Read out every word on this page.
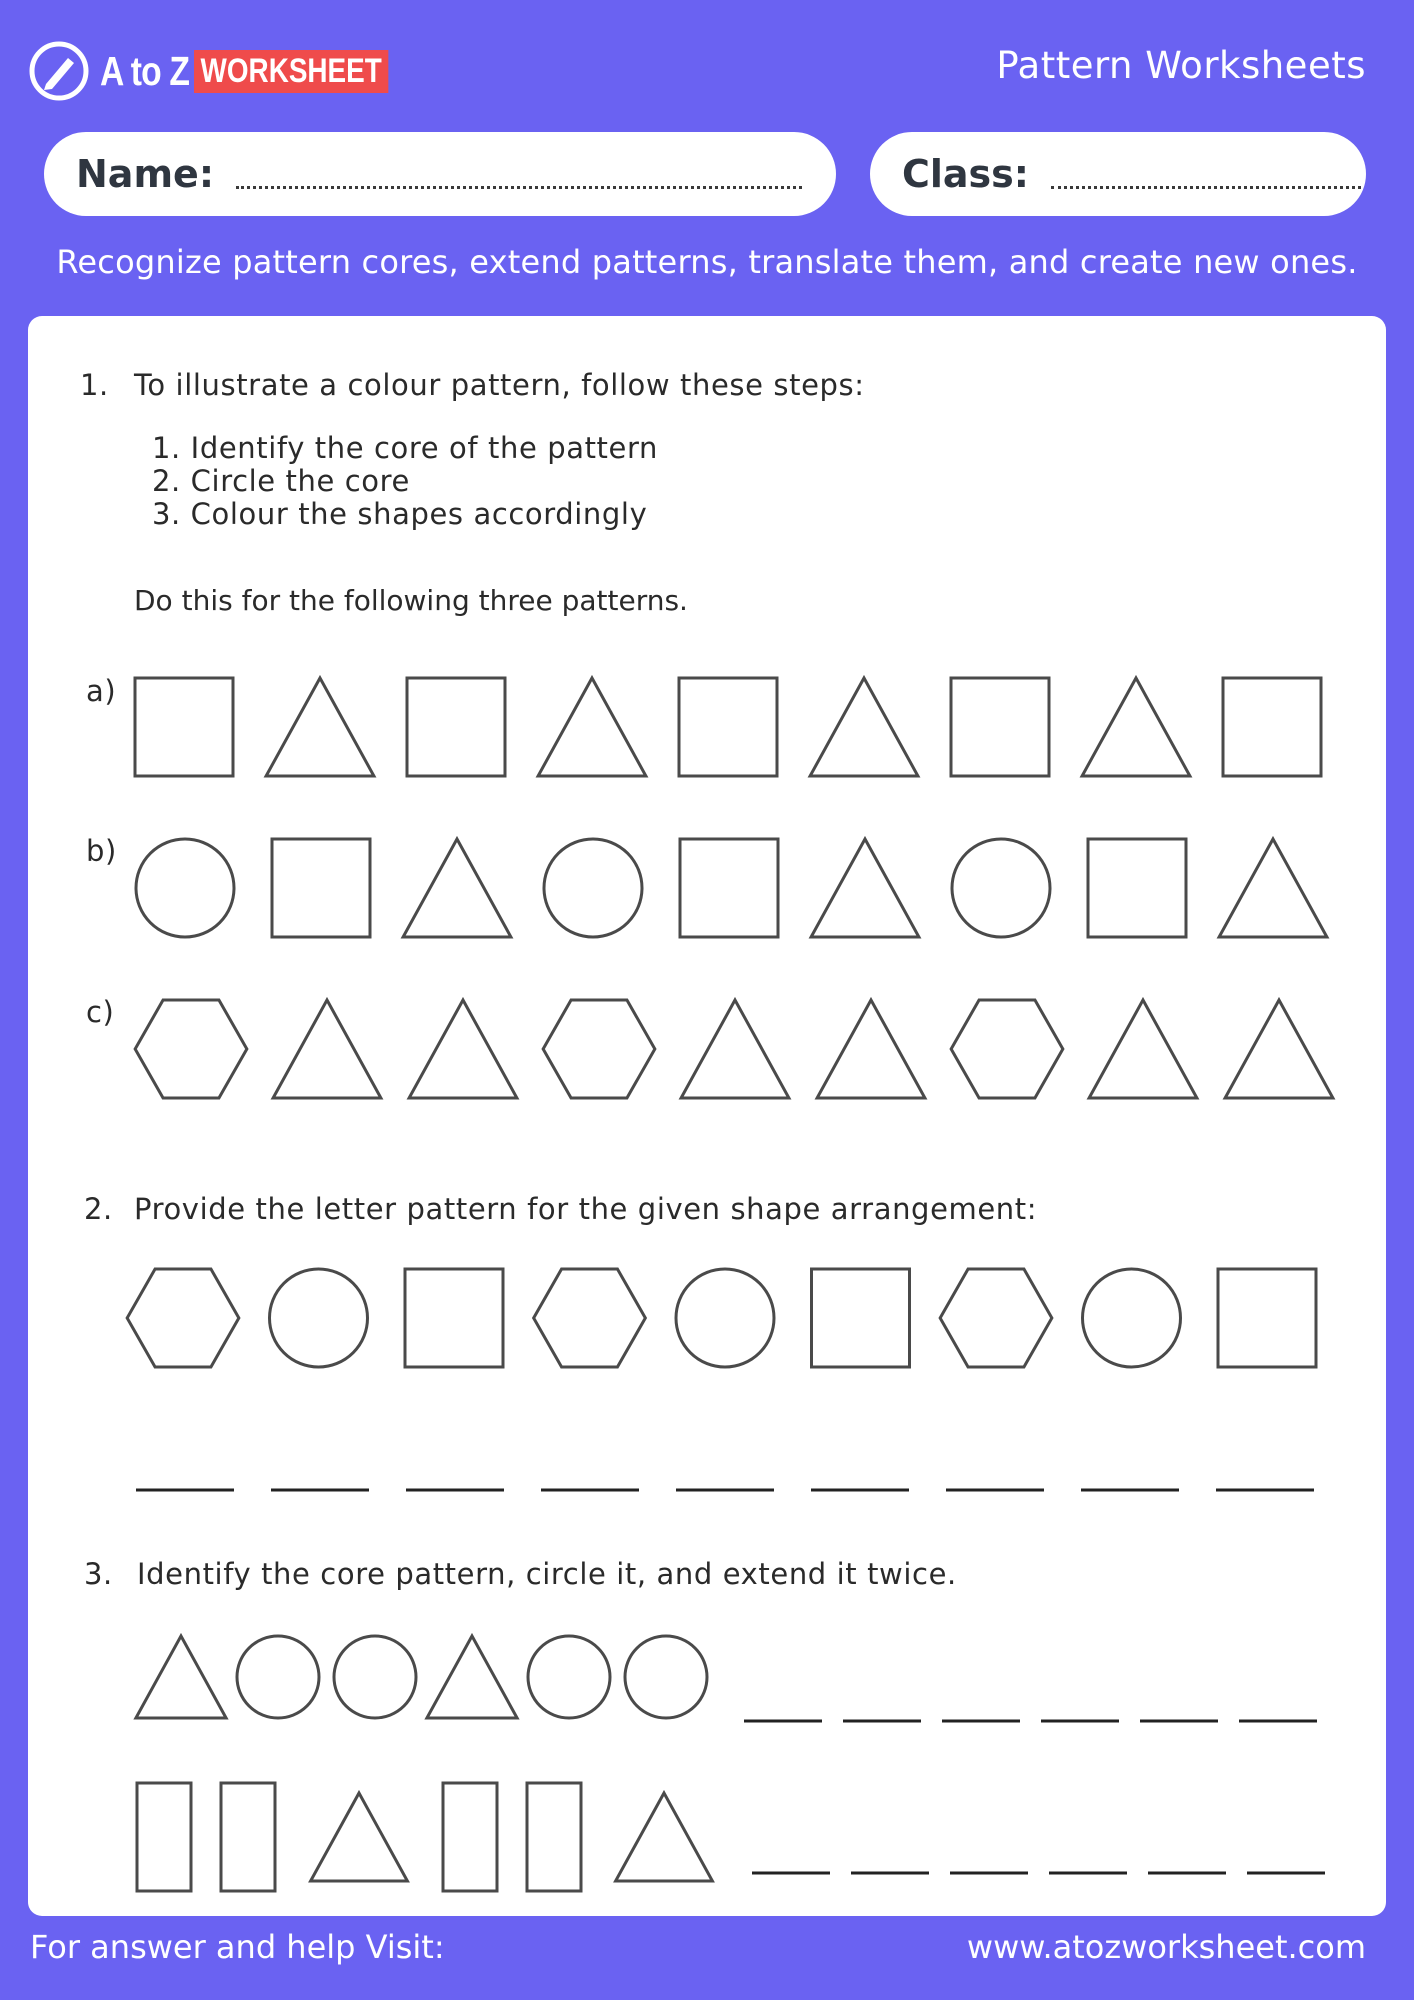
A to Z WORKSHEET	Pattern Worksheets
Name:	Class:
Recognize pattern cores, extend patterns, translate them, and create new ones.
1. To illustrate a colour pattern, follow these steps:
1. Identify the core of the pattern
2. Circle the core
3. Colour the shapes accordingly
Do this for the following three patterns.
a)
b)
c)
2. Provide the letter pattern for the given shape arrangement:
3. Identify the core pattern, circle it, and extend it twice.
For answer and help Visit:	www.atozworksheet.com
